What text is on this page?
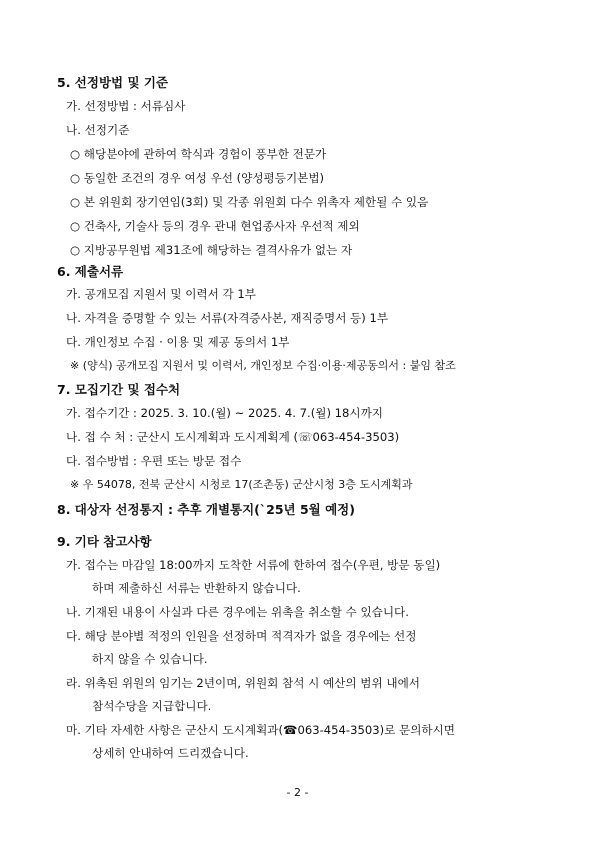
5. 선정방법 및 기준
가. 선정방법 : 서류심사
나. 선정기준
○ 해당분야에 관하여 학식과 경험이 풍부한 전문가
○ 동일한 조건의 경우 여성 우선 (양성평등기본법)
○ 본 위원회 장기연임(3회) 및 각종 위원회 다수 위촉자 제한될 수 있음
○ 건축사, 기술사 등의 경우 관내 현업종사자 우선적 제외
○ 지방공무원법 제31조에 해당하는 결격사유가 없는 자
6. 제출서류
가. 공개모집 지원서 및 이력서 각 1부
나. 자격을 증명할 수 있는 서류(자격증사본, 재직증명서 등) 1부
다. 개인정보 수집 · 이용 및 제공 동의서 1부
※ (양식) 공개모집 지원서 및 이력서, 개인정보 수집·이용·제공동의서 : 붙임 참조
7. 모집기간 및 접수처
가. 접수기간 : 2025. 3. 10.(월) ~ 2025. 4. 7.(월) 18시까지
나. 접 수 처 : 군산시 도시계획과 도시계획계 (☏063-454-3503)
다. 접수방법 : 우편 또는 방문 접수
※ 우 54078, 전북 군산시 시청로 17(조촌동) 군산시청 3층 도시계획과
8. 대상자 선정통지 : 추후 개별통지(`25년 5월 예정)
9. 기타 참고사항
가. 접수는 마감일 18:00까지 도착한 서류에 한하여 접수(우편, 방문 동일)
하며 제출하신 서류는 반환하지 않습니다.
나. 기재된 내용이 사실과 다른 경우에는 위촉을 취소할 수 있습니다.
다. 해당 분야별 적정의 인원을 선정하며 적격자가 없을 경우에는 선정
하지 않을 수 있습니다.
라. 위촉된 위원의 임기는 2년이며, 위원회 참석 시 예산의 범위 내에서
참석수당을 지급합니다.
마. 기타 자세한 사항은 군산시 도시계획과(☎063-454-3503)로 문의하시면
상세히 안내하여 드리겠습니다.
- 2 -
